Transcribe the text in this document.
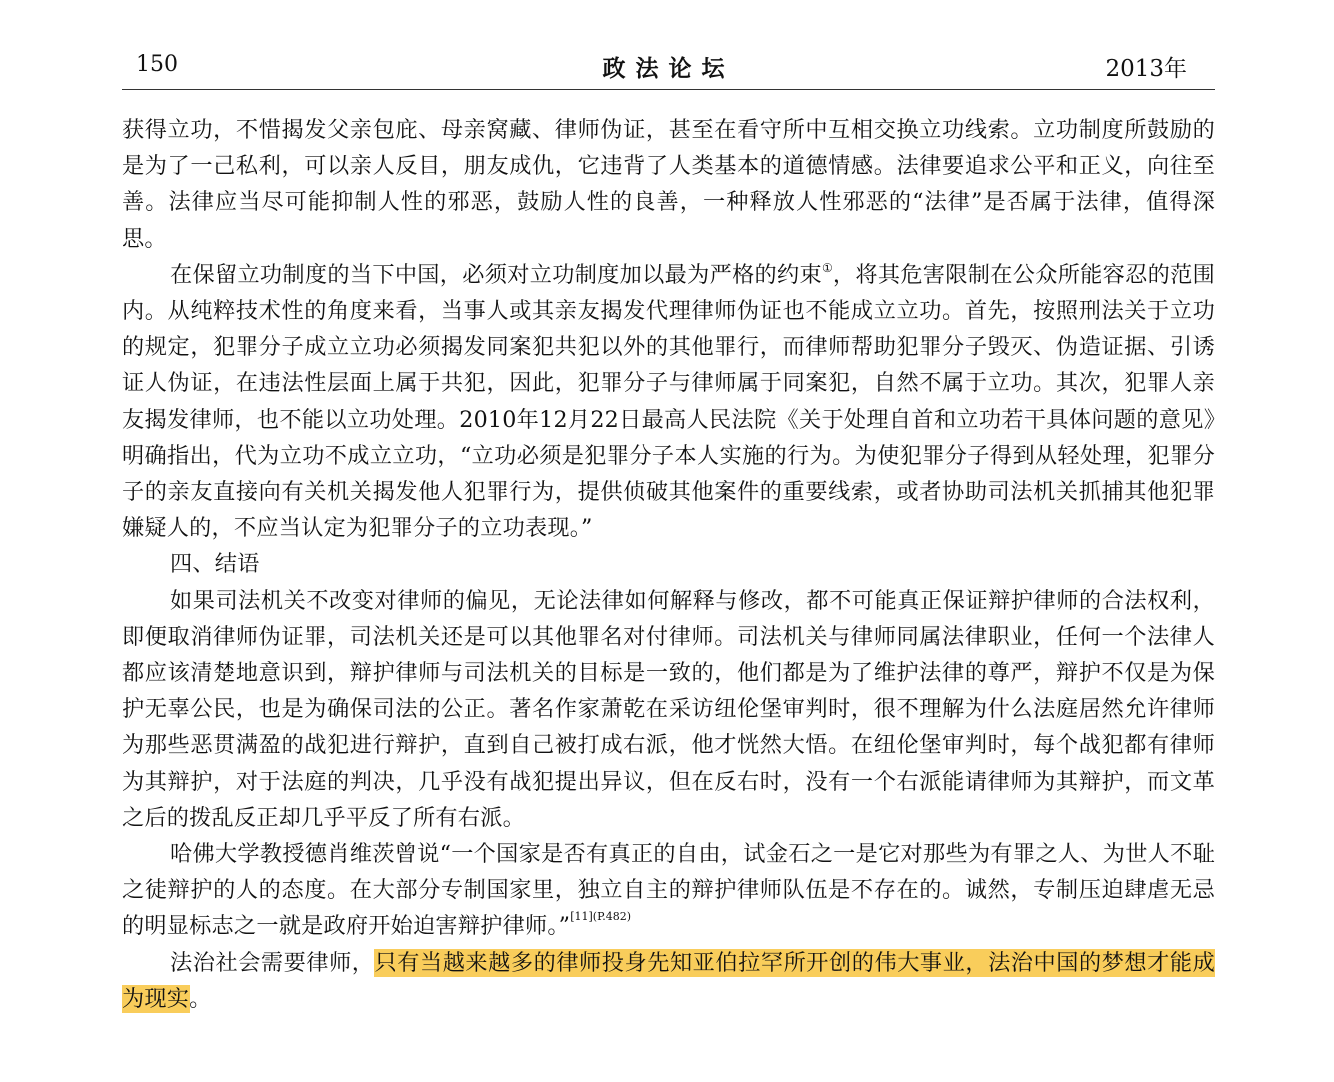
150	政法论坛	2013年

获得立功，不惜揭发父亲包庇、母亲窝藏、律师伪证，甚至在看守所中互相交换立功线索。立功制度所鼓励的是为了一己私利，可以亲人反目，朋友成仇，它违背了人类基本的道德情感。法律要追求公平和正义，向往至善。法律应当尽可能抑制人性的邪恶，鼓励人性的良善，一种释放人性邪恶的“法律”是否属于法律，值得深思。

在保留立功制度的当下中国，必须对立功制度加以最为严格的约束①，将其危害限制在公众所能容忍的范围内。从纯粹技术性的角度来看，当事人或其亲友揭发代理律师伪证也不能成立立功。首先，按照刑法关于立功的规定，犯罪分子成立立功必须揭发同案犯共犯以外的其他罪行，而律师帮助犯罪分子毁灭、伪造证据、引诱证人伪证，在违法性层面上属于共犯，因此，犯罪分子与律师属于同案犯，自然不属于立功。其次，犯罪人亲友揭发律师，也不能以立功处理。2010年12月22日最高人民法院《关于处理自首和立功若干具体问题的意见》明确指出，代为立功不成立立功，“立功必须是犯罪分子本人实施的行为。为使犯罪分子得到从轻处理，犯罪分子的亲友直接向有关机关揭发他人犯罪行为，提供侦破其他案件的重要线索，或者协助司法机关抓捕其他犯罪嫌疑人的，不应当认定为犯罪分子的立功表现。”

四、结语

如果司法机关不改变对律师的偏见，无论法律如何解释与修改，都不可能真正保证辩护律师的合法权利，即便取消律师伪证罪，司法机关还是可以其他罪名对付律师。司法机关与律师同属法律职业，任何一个法律人都应该清楚地意识到，辩护律师与司法机关的目标是一致的，他们都是为了维护法律的尊严，辩护不仅是为保护无辜公民，也是为确保司法的公正。著名作家萧乾在采访纽伦堡审判时，很不理解为什么法庭居然允许律师为那些恶贯满盈的战犯进行辩护，直到自己被打成右派，他才恍然大悟。在纽伦堡审判时，每个战犯都有律师为其辩护，对于法庭的判决，几乎没有战犯提出异议，但在反右时，没有一个右派能请律师为其辩护，而文革之后的拨乱反正却几乎平反了所有右派。

哈佛大学教授德肖维茨曾说“一个国家是否有真正的自由，试金石之一是它对那些为有罪之人、为世人不耻之徒辩护的人的态度。在大部分专制国家里，独立自主的辩护律师队伍是不存在的。诚然，专制压迫肆虐无忌的明显标志之一就是政府开始迫害辩护律师。”$^{[11](P.482)}$

法治社会需要律师，只有当越来越多的律师投身先知亚伯拉罕所开创的伟大事业，法治中国的梦想才能成为现实。
